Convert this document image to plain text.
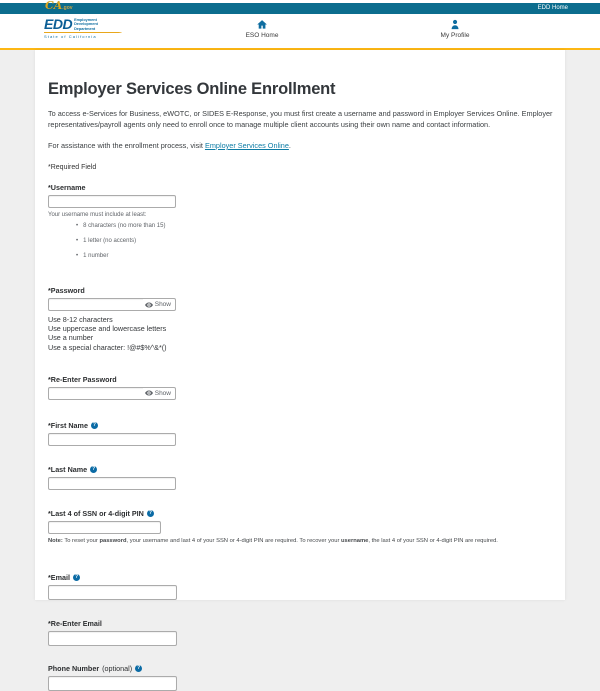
CA.gov	EDD Home
EDD Employment
Development
Department
State of California	ESO Home	My Profile
Employer Services Online Enrollment

To access e-Services for Business, eWOTC, or SIDES E-Response, you must first create a username and password in Employer Services Online. Employer representatives/payroll agents only need to enroll once to manage multiple client accounts using their own name and contact information.

For assistance with the enrollment process, visit Employer Services Online.

*Required Field
*Username
Your username must include at least:
• 8 characters (no more than 15)
• 1 letter (no accents)
• 1 number
*Password
Show
Use 8-12 characters
Use uppercase and lowercase letters
Use a number
Use a special character: !@#$%^&*()
*Re-Enter Password
Show
*First Name ?
*Last Name ?
*Last 4 of SSN or 4-digit PIN ?
Note: To reset your password, your username and last 4 of your SSN or 4-digit PIN are required. To recover your username, the last 4 of your SSN or 4-digit PIN are required.
*Email ?
*Re-Enter Email
Phone Number (optional) ?
